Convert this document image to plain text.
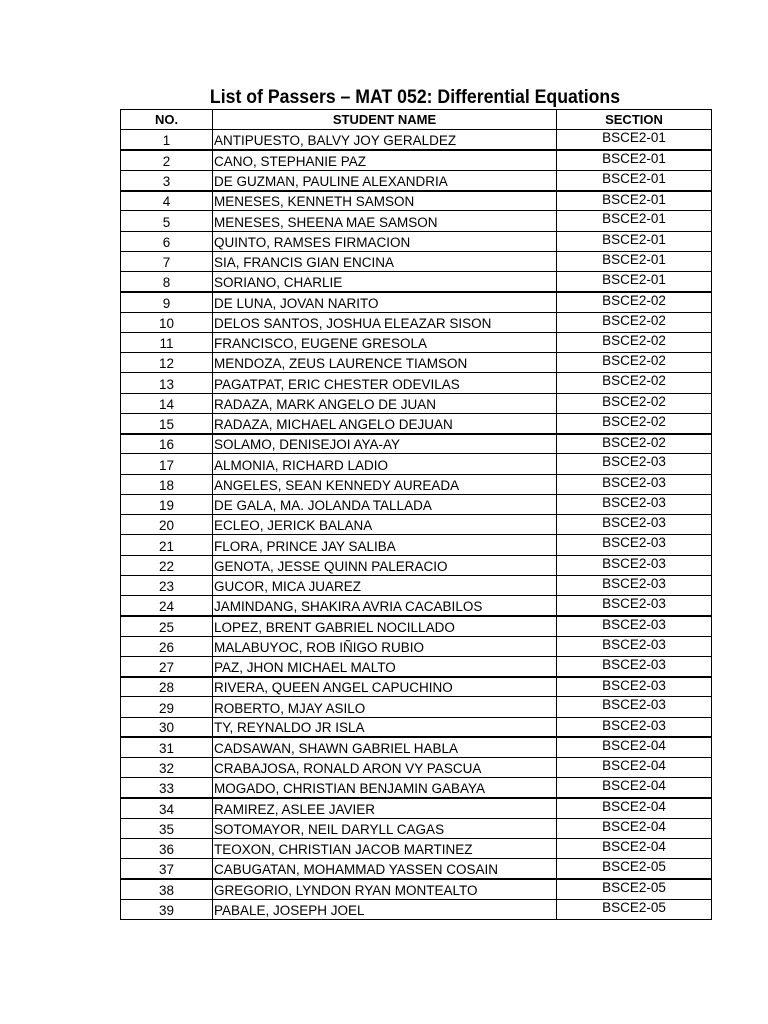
List of Passers – MAT 052: Differential Equations
NO.	STUDENT NAME	SECTION
1	ANTIPUESTO, BALVY JOY GERALDEZ	BSCE2-01
2	CANO, STEPHANIE PAZ	BSCE2-01
3	DE GUZMAN, PAULINE ALEXANDRIA	BSCE2-01
4	MENESES, KENNETH SAMSON	BSCE2-01
5	MENESES, SHEENA MAE SAMSON	BSCE2-01
6	QUINTO, RAMSES FIRMACION	BSCE2-01
7	SIA, FRANCIS GIAN ENCINA	BSCE2-01
8	SORIANO, CHARLIE	BSCE2-01
9	DE LUNA, JOVAN NARITO	BSCE2-02
10	DELOS SANTOS, JOSHUA ELEAZAR SISON	BSCE2-02
11	FRANCISCO, EUGENE GRESOLA	BSCE2-02
12	MENDOZA, ZEUS LAURENCE TIAMSON	BSCE2-02
13	PAGATPAT, ERIC CHESTER ODEVILAS	BSCE2-02
14	RADAZA, MARK ANGELO DE JUAN	BSCE2-02
15	RADAZA, MICHAEL ANGELO DEJUAN	BSCE2-02
16	SOLAMO, DENISEJOI AYA-AY	BSCE2-02
17	ALMONIA, RICHARD LADIO	BSCE2-03
18	ANGELES, SEAN KENNEDY AUREADA	BSCE2-03
19	DE GALA, MA. JOLANDA TALLADA	BSCE2-03
20	ECLEO, JERICK BALANA	BSCE2-03
21	FLORA, PRINCE JAY SALIBA	BSCE2-03
22	GENOTA, JESSE QUINN PALERACIO	BSCE2-03
23	GUCOR, MICA JUAREZ	BSCE2-03
24	JAMINDANG, SHAKIRA AVRIA CACABILOS	BSCE2-03
25	LOPEZ, BRENT GABRIEL NOCILLADO	BSCE2-03
26	MALABUYOC, ROB IÑIGO RUBIO	BSCE2-03
27	PAZ, JHON MICHAEL MALTO	BSCE2-03
28	RIVERA, QUEEN ANGEL CAPUCHINO	BSCE2-03
29	ROBERTO, MJAY ASILO	BSCE2-03
30	TY, REYNALDO JR ISLA	BSCE2-03
31	CADSAWAN, SHAWN GABRIEL HABLA	BSCE2-04
32	CRABAJOSA, RONALD ARON VY PASCUA	BSCE2-04
33	MOGADO, CHRISTIAN BENJAMIN GABAYA	BSCE2-04
34	RAMIREZ, ASLEE JAVIER	BSCE2-04
35	SOTOMAYOR, NEIL DARYLL CAGAS	BSCE2-04
36	TEOXON, CHRISTIAN JACOB MARTINEZ	BSCE2-04
37	CABUGATAN, MOHAMMAD YASSEN COSAIN	BSCE2-05
38	GREGORIO, LYNDON RYAN MONTEALTO	BSCE2-05
39	PABALE, JOSEPH JOEL	BSCE2-05
